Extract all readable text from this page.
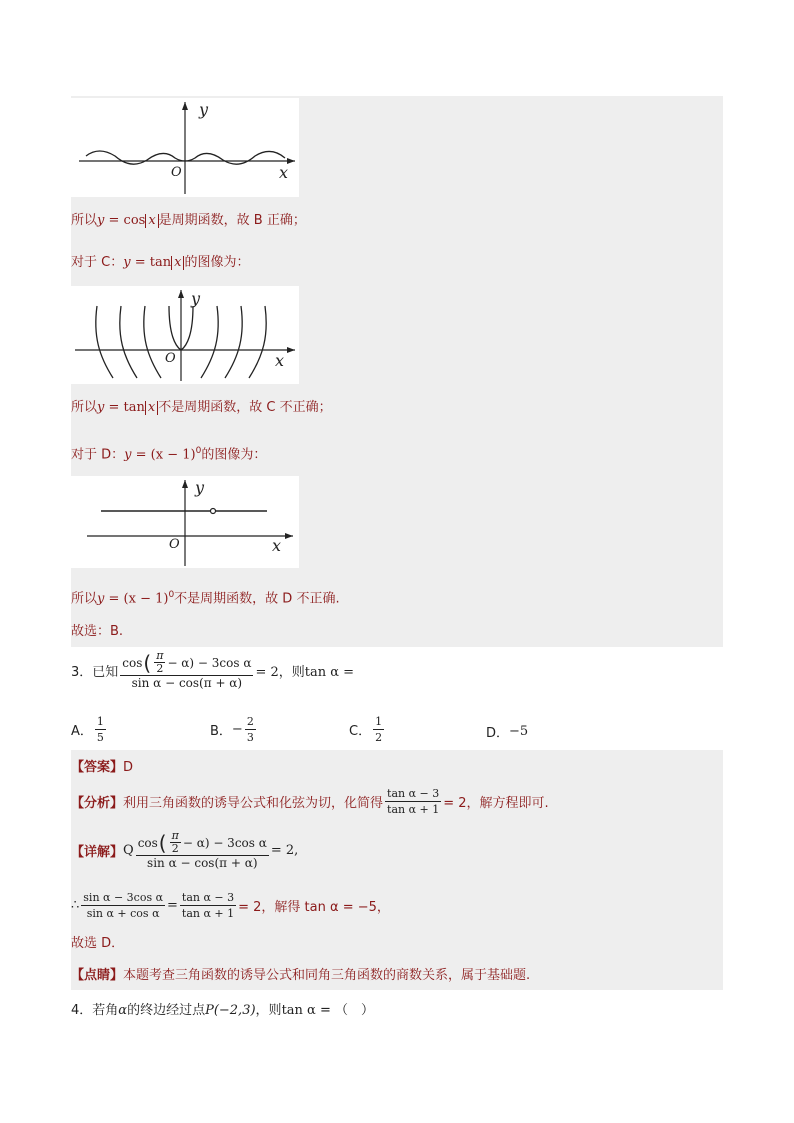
y
x
O
所以y = cos x 是周期函数，故 B 正确；
对于 C：y = tan x 的图像为：
y
x
O
所以y = tan x 不是周期函数，故 C 不正确；
对于 D：$y = (x - 1)^0$的图像为：
y
x
O
所以$y = (x - 1)^0$不是周期函数，故 D 不正确.
故选：B.
3．已知 $\frac{\cos ( \frac{\pi}{2} - \alpha) - 3\cos \alpha}{\text{sin α − cos(π + α)}} = 2$，则tan α =
A． $\frac{1}{5}$	B． − $\frac{2}{3}$	C． $\frac{1}{2}$	D． −5
【答案】D
【分析】 利用三角函数的诱导公式和化弦为切，化简得 $\frac{\text{tan α − 3}}{\text{tan α + 1}} = 2$，解方程即可.
【详解】 Q $\frac{\cos ( \frac{\pi}{2} - \alpha) - 3\cos \alpha}{\text{sin α − cos(π + α)}} = 2$,
∴ $\frac{\text{sin α − 3cos α}}{\text{sin α + cos α}} = \frac{\text{tan α − 3}}{\text{tan α + 1}} = 2$，解得 tan α = −5，
故选 D．
【点睛】本题考查三角函数的诱导公式和同角三角函数的商数关系，属于基础题.
4．若角α的终边经过点P(−2,3)，则tan α = （　）
